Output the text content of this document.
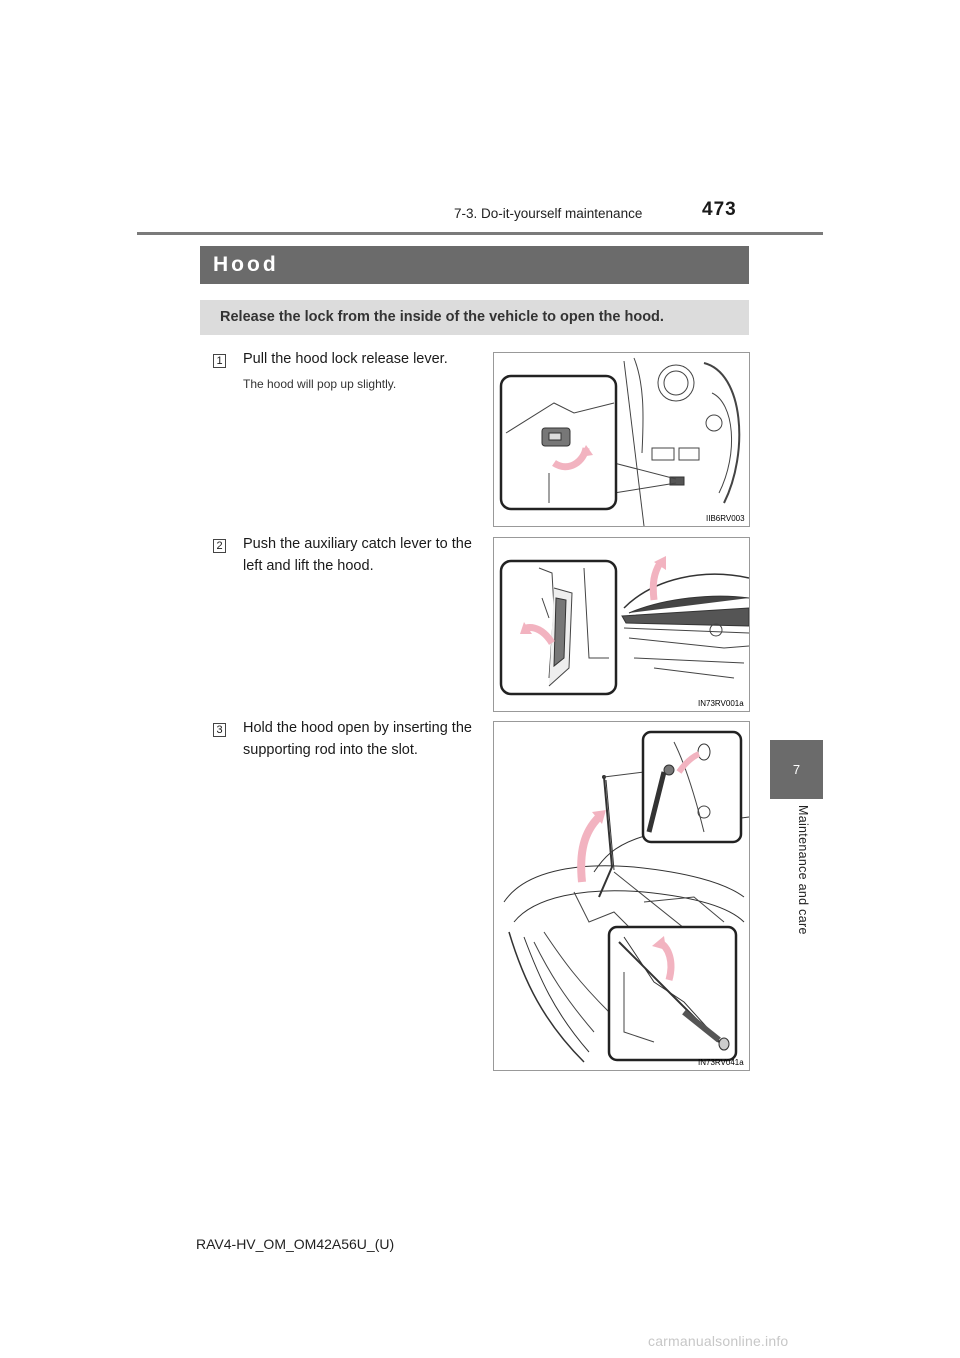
7-3. Do-it-yourself maintenance	473
Hood
Release the lock from the inside of the vehicle to open the hood.
1 Pull the hood lock release lever.
The hood will pop up slightly.
IIB6RV003
2 Push the auxiliary catch lever to the left and lift the hood.
IN73RV001a
3 Hold the hood open by inserting the supporting rod into the slot.
IN73RV041a
7
Maintenance and care
RAV4-HV_OM_OM42A56U_(U)
carmanualsonline.info
